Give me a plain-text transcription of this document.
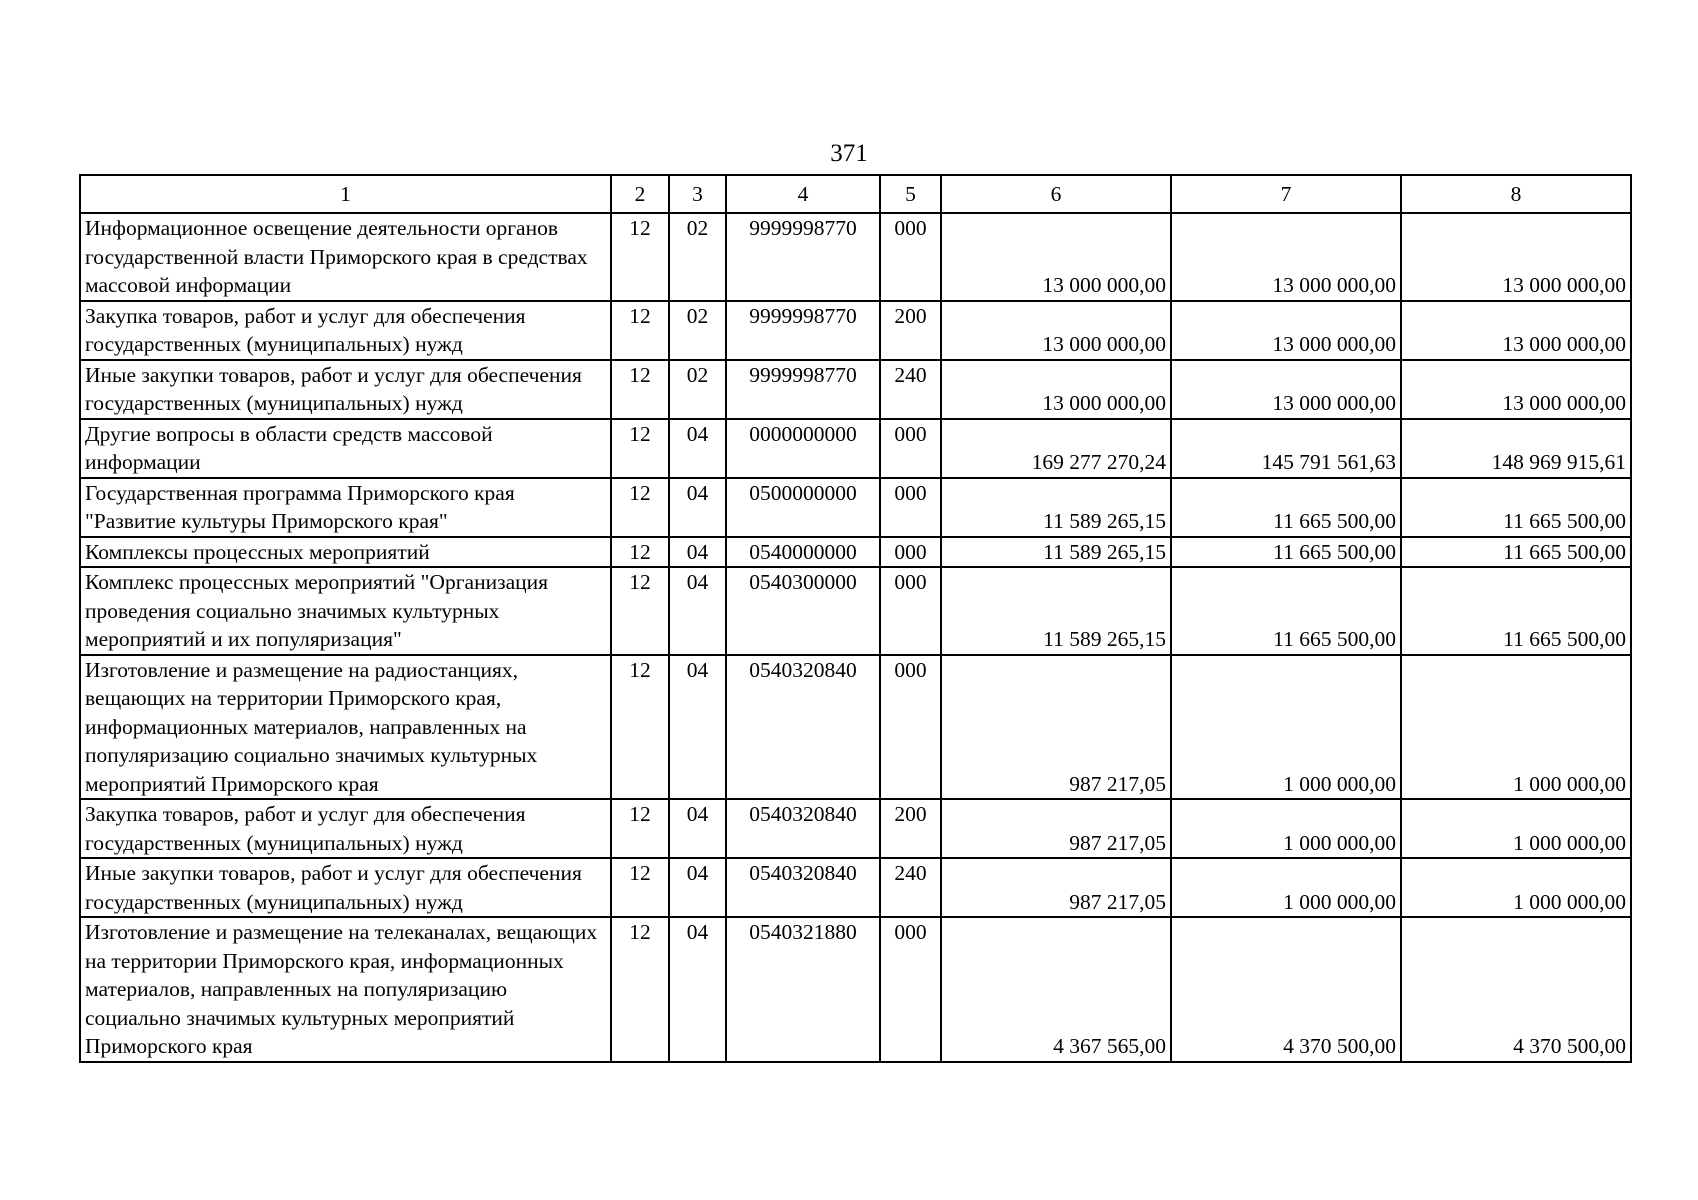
371
1	2	3	4	5	6	7	8
Информационное освещение деятельности органов государственной власти Приморского края в средствах массовой информации	12	02	9999998770	000	13 000 000,00	13 000 000,00	13 000 000,00
Закупка товаров, работ и услуг для обеспечения государственных (муниципальных) нужд	12	02	9999998770	200	13 000 000,00	13 000 000,00	13 000 000,00
Иные закупки товаров, работ и услуг для обеспечения государственных (муниципальных) нужд	12	02	9999998770	240	13 000 000,00	13 000 000,00	13 000 000,00
Другие вопросы в области средств массовой информации	12	04	0000000000	000	169 277 270,24	145 791 561,63	148 969 915,61
Государственная программа Приморского края "Развитие культуры Приморского края"	12	04	0500000000	000	11 589 265,15	11 665 500,00	11 665 500,00
Комплексы процессных мероприятий	12	04	0540000000	000	11 589 265,15	11 665 500,00	11 665 500,00
Комплекс процессных мероприятий "Организация проведения социально значимых культурных мероприятий и их популяризация"	12	04	0540300000	000	11 589 265,15	11 665 500,00	11 665 500,00
Изготовление и размещение на радиостанциях, вещающих на территории Приморского края, информационных материалов, направленных на популяризацию социально значимых культурных мероприятий Приморского края	12	04	0540320840	000	987 217,05	1 000 000,00	1 000 000,00
Закупка товаров, работ и услуг для обеспечения государственных (муниципальных) нужд	12	04	0540320840	200	987 217,05	1 000 000,00	1 000 000,00
Иные закупки товаров, работ и услуг для обеспечения государственных (муниципальных) нужд	12	04	0540320840	240	987 217,05	1 000 000,00	1 000 000,00
Изготовление и размещение на телеканалах, вещающих на территории Приморского края, информационных материалов, направленных на популяризацию социально значимых культурных мероприятий Приморского края	12	04	0540321880	000	4 367 565,00	4 370 500,00	4 370 500,00
